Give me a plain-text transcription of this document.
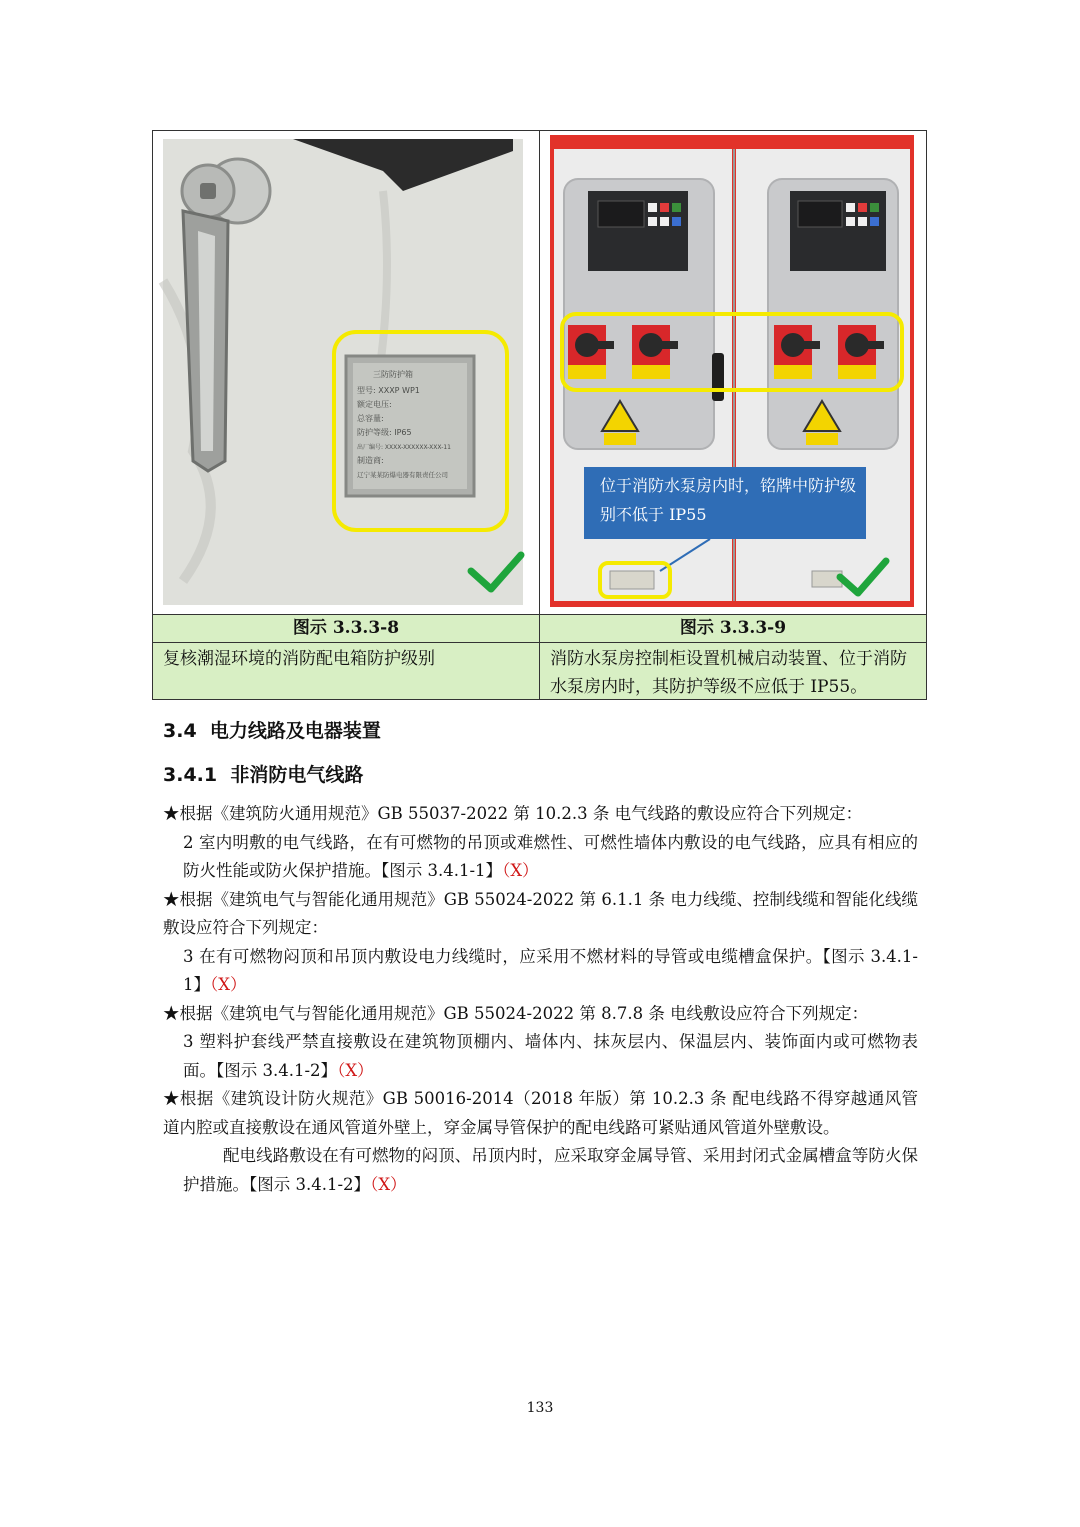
三防防护箱
型号: XXXP WP1
额定电压:
总容量:
防护等级: IP65
出厂编号: XXXX-XXXXXX-XXX-11
制造商:
辽宁某某防爆电器有限责任公司
位于消防水泵房内时，铭牌中防护级别不低于 IP55
图示 3.3.3-8	图示 3.3.3-9
复核潮湿环境的消防配电箱防护级别	消防水泵房控制柜设置机械启动装置、位于消防水泵房内时，其防护等级不应低于 IP55。
3.4 电力线路及电器装置
3.4.1 非消防电气线路

★根据《建筑防火通用规范》GB 55037-2022 第 10.2.3 条 电气线路的敷设应符合下列规定：

2 室内明敷的电气线路，在有可燃物的吊顶或难燃性、可燃性墙体内敷设的电气线路，应具有相应的防火性能或防火保护措施。【图示 3.4.1-1】（X）

★根据《建筑电气与智能化通用规范》GB 55024-2022 第 6.1.1 条 电力线缆、控制线缆和智能化线缆敷设应符合下列规定：

3 在有可燃物闷顶和吊顶内敷设电力线缆时，应采用不燃材料的导管或电缆槽盒保护。【图示 3.4.1-1】（X）

★根据《建筑电气与智能化通用规范》GB 55024-2022 第 8.7.8 条 电线敷设应符合下列规定：

3 塑料护套线严禁直接敷设在建筑物顶棚内、墙体内、抹灰层内、保温层内、装饰面内或可燃物表面。【图示 3.4.1-2】（X）

★根据《建筑设计防火规范》GB 50016-2014（2018 年版）第 10.2.3 条 配电线路不得穿越通风管道内腔或直接敷设在通风管道外壁上，穿金属导管保护的配电线路可紧贴通风管道外壁敷设。

配电线路敷设在有可燃物的闷顶、吊顶内时，应采取穿金属导管、采用封闭式金属槽盒等防火保护措施。【图示 3.4.1-2】（X）

133
